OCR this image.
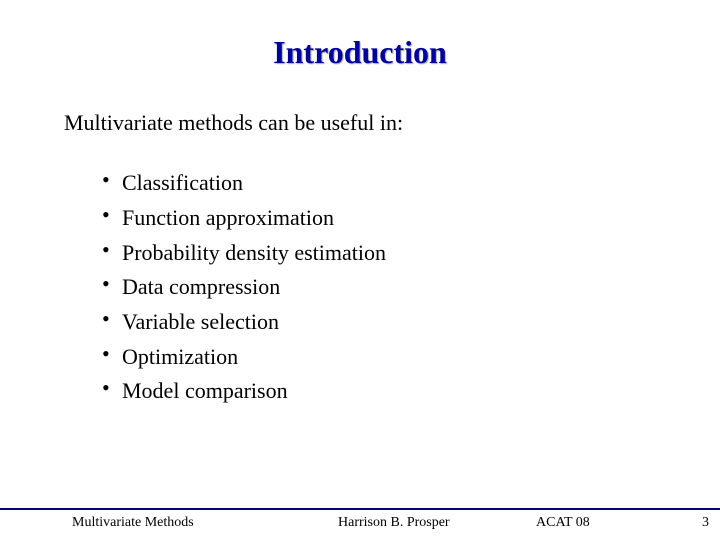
Introduction
Multivariate methods can be useful in:
• Classification
• Function approximation
• Probability density estimation
• Data compression
• Variable selection
• Optimization
• Model comparison
Multivariate Methods	Harrison B. Prosper	ACAT 08	3
